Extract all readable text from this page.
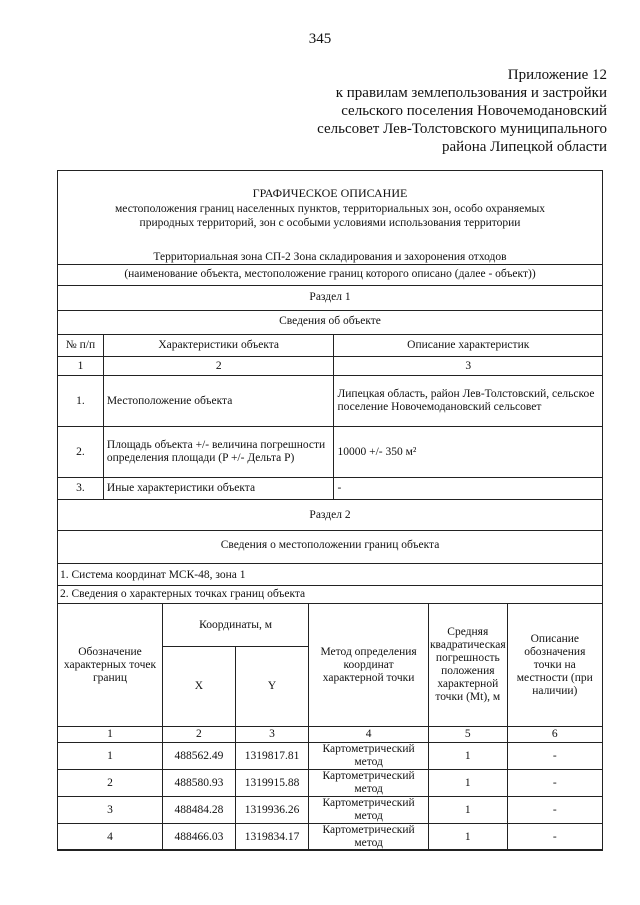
345
Приложение 12
к правилам землепользования и застройки
сельского поселения Новочемодановский
сельсовет Лев-Толстовского муниципального
района Липецкой области
ГРАФИЧЕСКОЕ ОПИСАНИЕ
местоположения границ населенных пунктов, территориальных зон, особо охраняемых
природных территорий, зон с особыми условиями использования территории
Территориальная зона СП-2 Зона складирования и захоронения отходов
(наименование объекта, местоположение границ которого описано (далее - объект))
Раздел 1
Сведения об объекте
№ п/п	Характеристики объекта	Описание характеристик
1	2	3
1.	Местоположение объекта	Липецкая область, район Лев-Толстовский, сельское поселение Новочемодановский сельсовет
2.	Площадь объекта +/- величина погрешности определения площади (P +/- Дельта P)	10000 +/- 350 м²
3.	Иные характеристики объекта	-
Раздел 2
Сведения о местоположении границ объекта
1. Система координат МСК-48, зона 1
2. Сведения о характерных точках границ объекта
Обозначение характерных точек границ	Координаты, м		Метод определения координат характерной точки	Средняя квадратическая погрешность положения характерной точки (Mt), м	Описание обозначения точки на местности (при наличии)
	X	Y			
1	2	3	4	5	6
1	488562.49	1319817.81	Картометрический метод	1	-
2	488580.93	1319915.88	Картометрический метод	1	-
3	488484.28	1319936.26	Картометрический метод	1	-
4	488466.03	1319834.17	Картометрический метод	1	-
